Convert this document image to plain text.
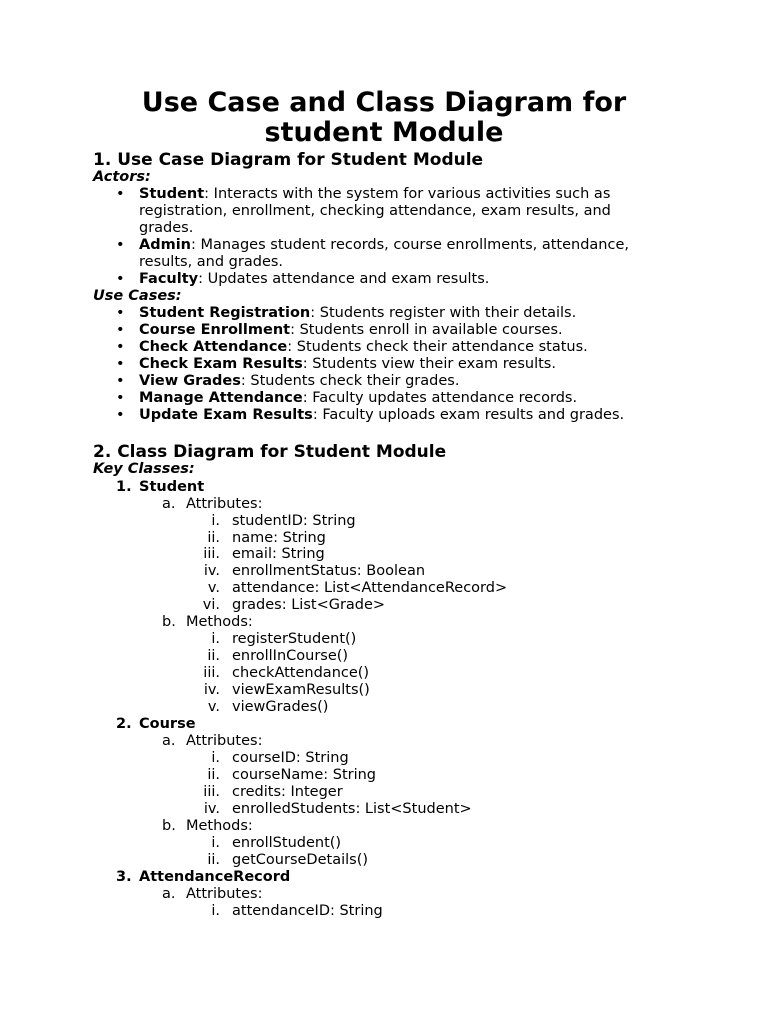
Use Case and Class Diagram for
student Module
1. Use Case Diagram for Student Module
Actors:
• Student: Interacts with the system for various activities such as
registration, enrollment, checking attendance, exam results, and
grades.
• Admin: Manages student records, course enrollments, attendance,
results, and grades.
• Faculty: Updates attendance and exam results.
Use Cases:
• Student Registration: Students register with their details.
• Course Enrollment: Students enroll in available courses.
• Check Attendance: Students check their attendance status.
• Check Exam Results: Students view their exam results.
• View Grades: Students check their grades.
• Manage Attendance: Faculty updates attendance records.
• Update Exam Results: Faculty uploads exam results and grades.
2. Class Diagram for Student Module
Key Classes:
1. Student
a. Attributes:
i. studentID: String
ii. name: String
iii. email: String
iv. enrollmentStatus: Boolean
v. attendance: List<AttendanceRecord>
vi. grades: List<Grade>
b. Methods:
i. registerStudent()
ii. enrollInCourse()
iii. checkAttendance()
iv. viewExamResults()
v. viewGrades()
2. Course
a. Attributes:
i. courseID: String
ii. courseName: String
iii. credits: Integer
iv. enrolledStudents: List<Student>
b. Methods:
i. enrollStudent()
ii. getCourseDetails()
3. AttendanceRecord
a. Attributes:
i. attendanceID: String
